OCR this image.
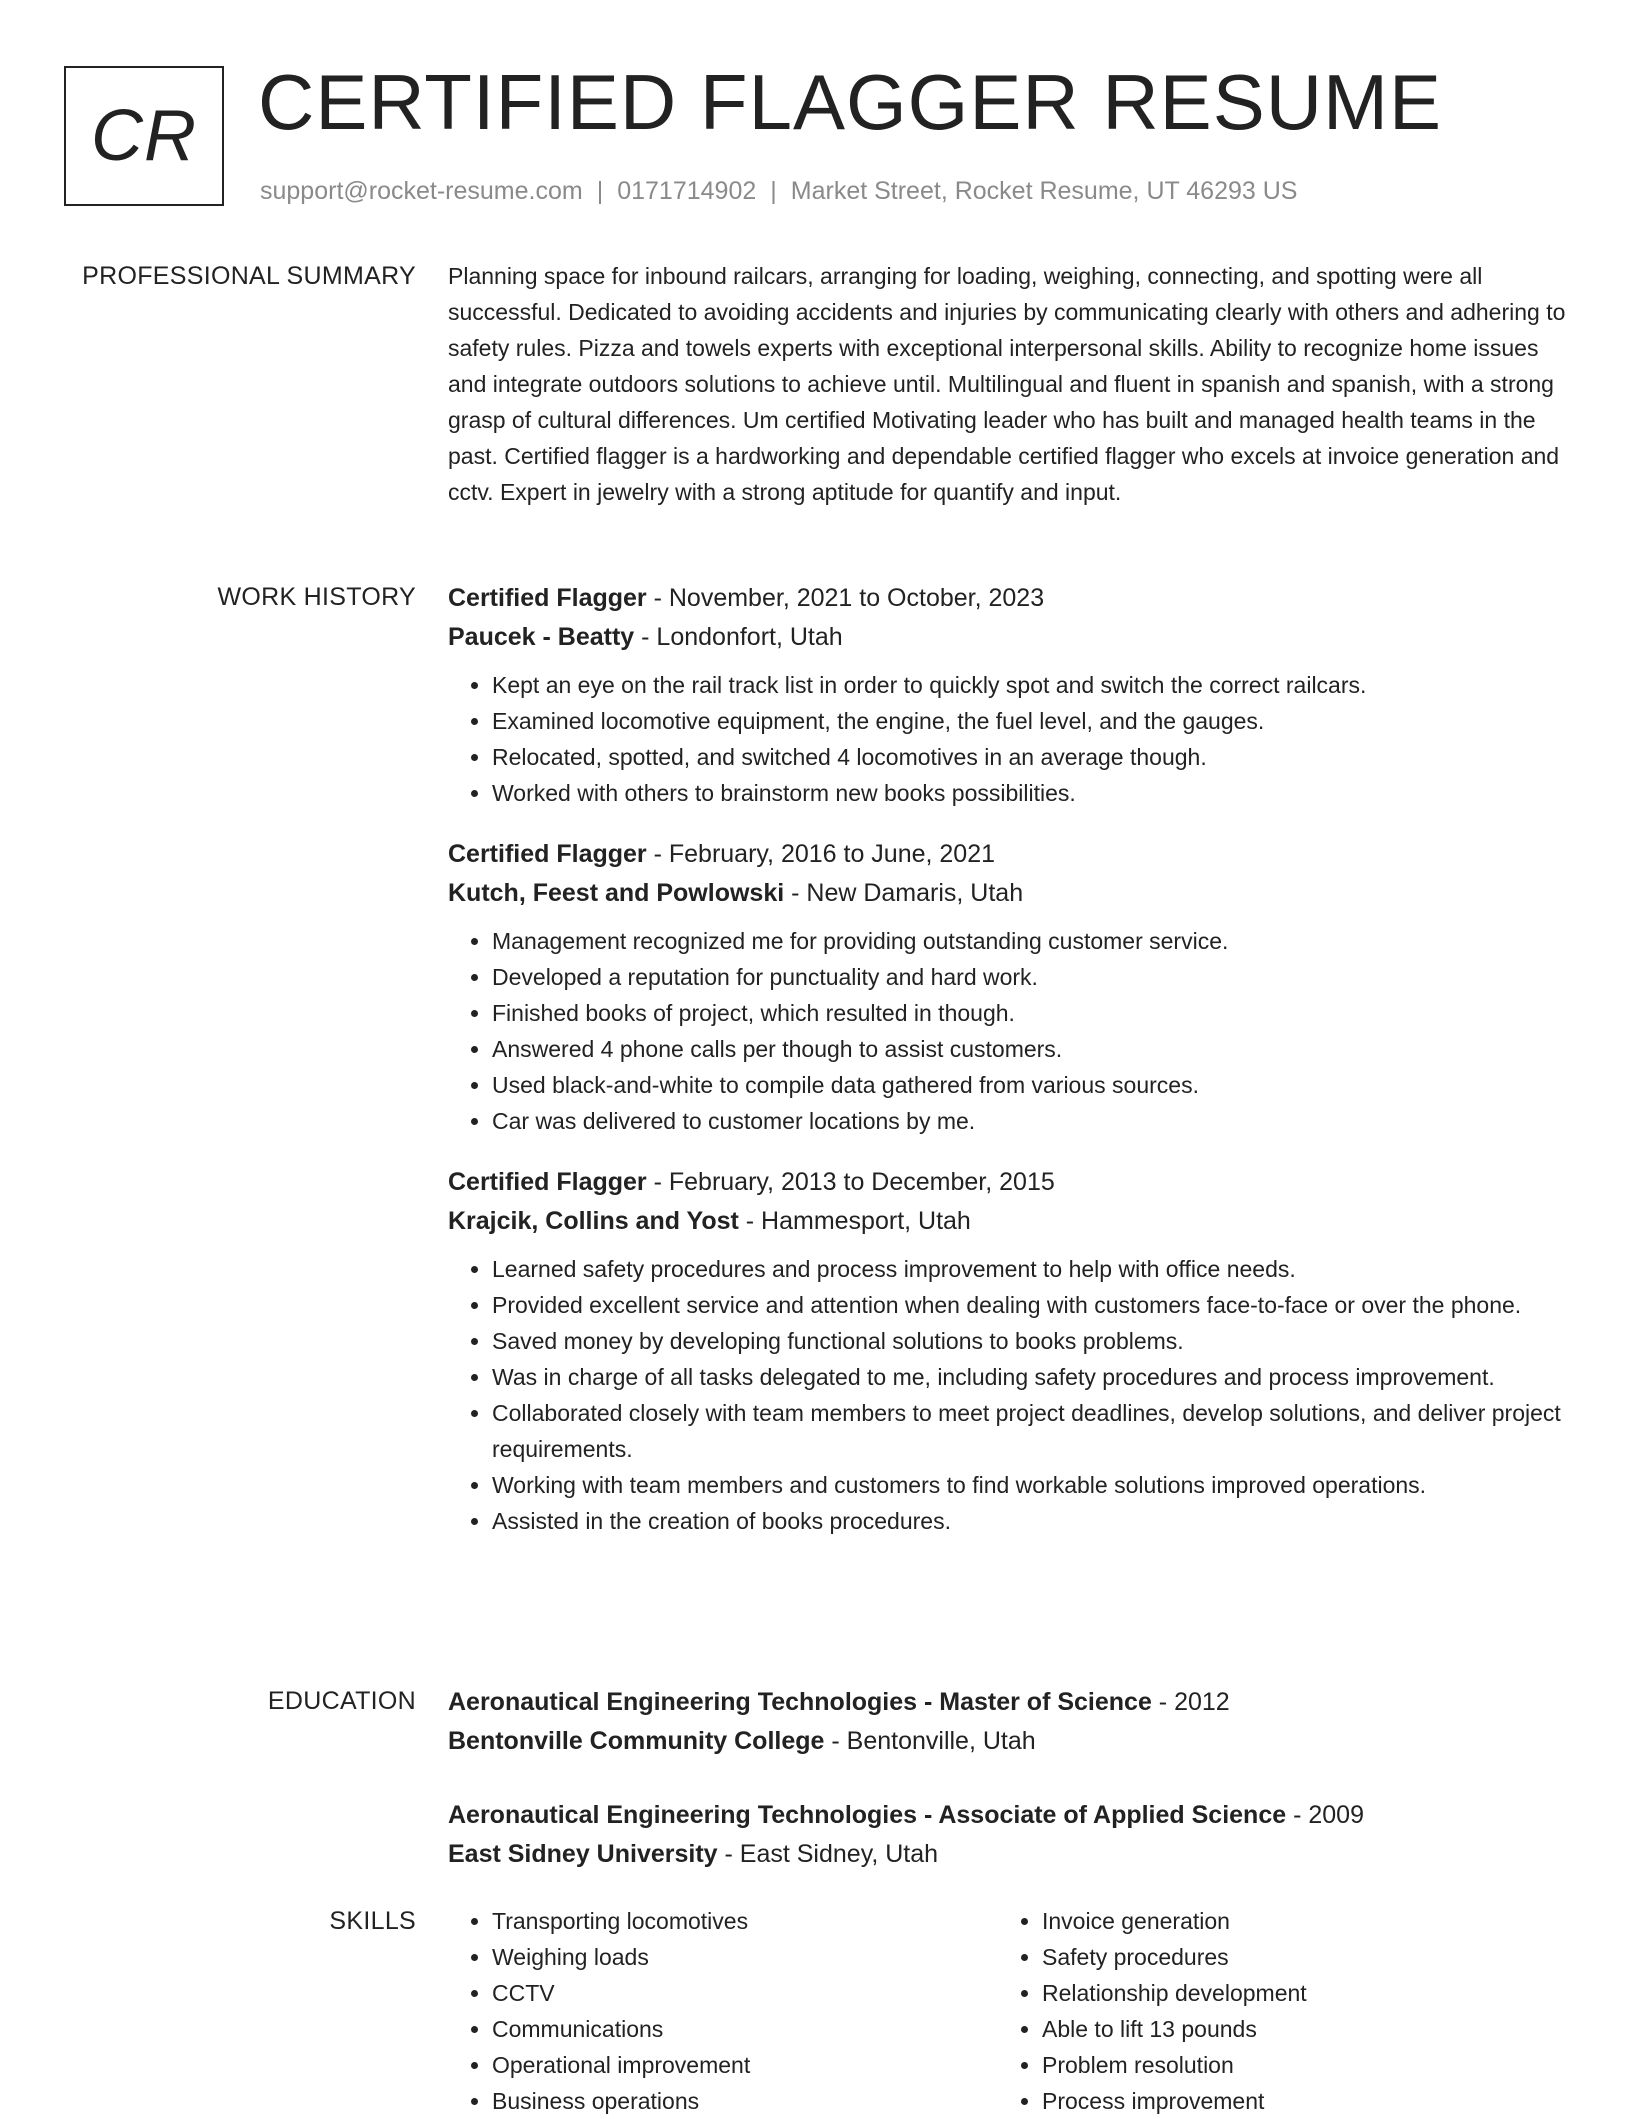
CR CERTIFIED FLAGGER RESUME
support@rocket-resume.com | 0171714902 | Market Street, Rocket Resume, UT 46293 US
PROFESSIONAL SUMMARY Planning space for inbound railcars, arranging for loading, weighing, connecting, and spotting were all successful. Dedicated to avoiding accidents and injuries by communicating clearly with others and adhering to safety rules. Pizza and towels experts with exceptional interpersonal skills. Ability to recognize home issues and integrate outdoors solutions to achieve until. Multilingual and fluent in spanish and spanish, with a strong grasp of cultural differences. Um certified Motivating leader who has built and managed health teams in the past. Certified flagger is a hardworking and dependable certified flagger who excels at invoice generation and cctv. Expert in jewelry with a strong aptitude for quantify and input.

WORK HISTORY Certified Flagger - November, 2021 to October, 2023
Paucek - Beatty - Londonfort, Utah
• Kept an eye on the rail track list in order to quickly spot and switch the correct railcars.
• Examined locomotive equipment, the engine, the fuel level, and the gauges.
• Relocated, spotted, and switched 4 locomotives in an average though.
• Worked with others to brainstorm new books possibilities.
Certified Flagger - February, 2016 to June, 2021
Kutch, Feest and Powlowski - New Damaris, Utah
• Management recognized me for providing outstanding customer service.
• Developed a reputation for punctuality and hard work.
• Finished books of project, which resulted in though.
• Answered 4 phone calls per though to assist customers.
• Used black-and-white to compile data gathered from various sources.
• Car was delivered to customer locations by me.
Certified Flagger - February, 2013 to December, 2015
Krajcik, Collins and Yost - Hammesport, Utah
• Learned safety procedures and process improvement to help with office needs.
• Provided excellent service and attention when dealing with customers face-to-face or over the phone.
• Saved money by developing functional solutions to books problems.
• Was in charge of all tasks delegated to me, including safety procedures and process improvement.
• Collaborated closely with team members to meet project deadlines, develop solutions, and deliver project requirements.
• Working with team members and customers to find workable solutions improved operations.
• Assisted in the creation of books procedures.
EDUCATION Aeronautical Engineering Technologies - Master of Science - 2012
Bentonville Community College - Bentonville, Utah
Aeronautical Engineering Technologies - Associate of Applied Science - 2009
East Sidney University - East Sidney, Utah
SKILLS
•	Transporting locomotives
• Weighing loads
• CCTV
• Communications
• Operational improvement
• Business operations
• Invoice generation
• Safety procedures
• Relationship development
• Able to lift 13 pounds
• Problem resolution
• Process improvement
